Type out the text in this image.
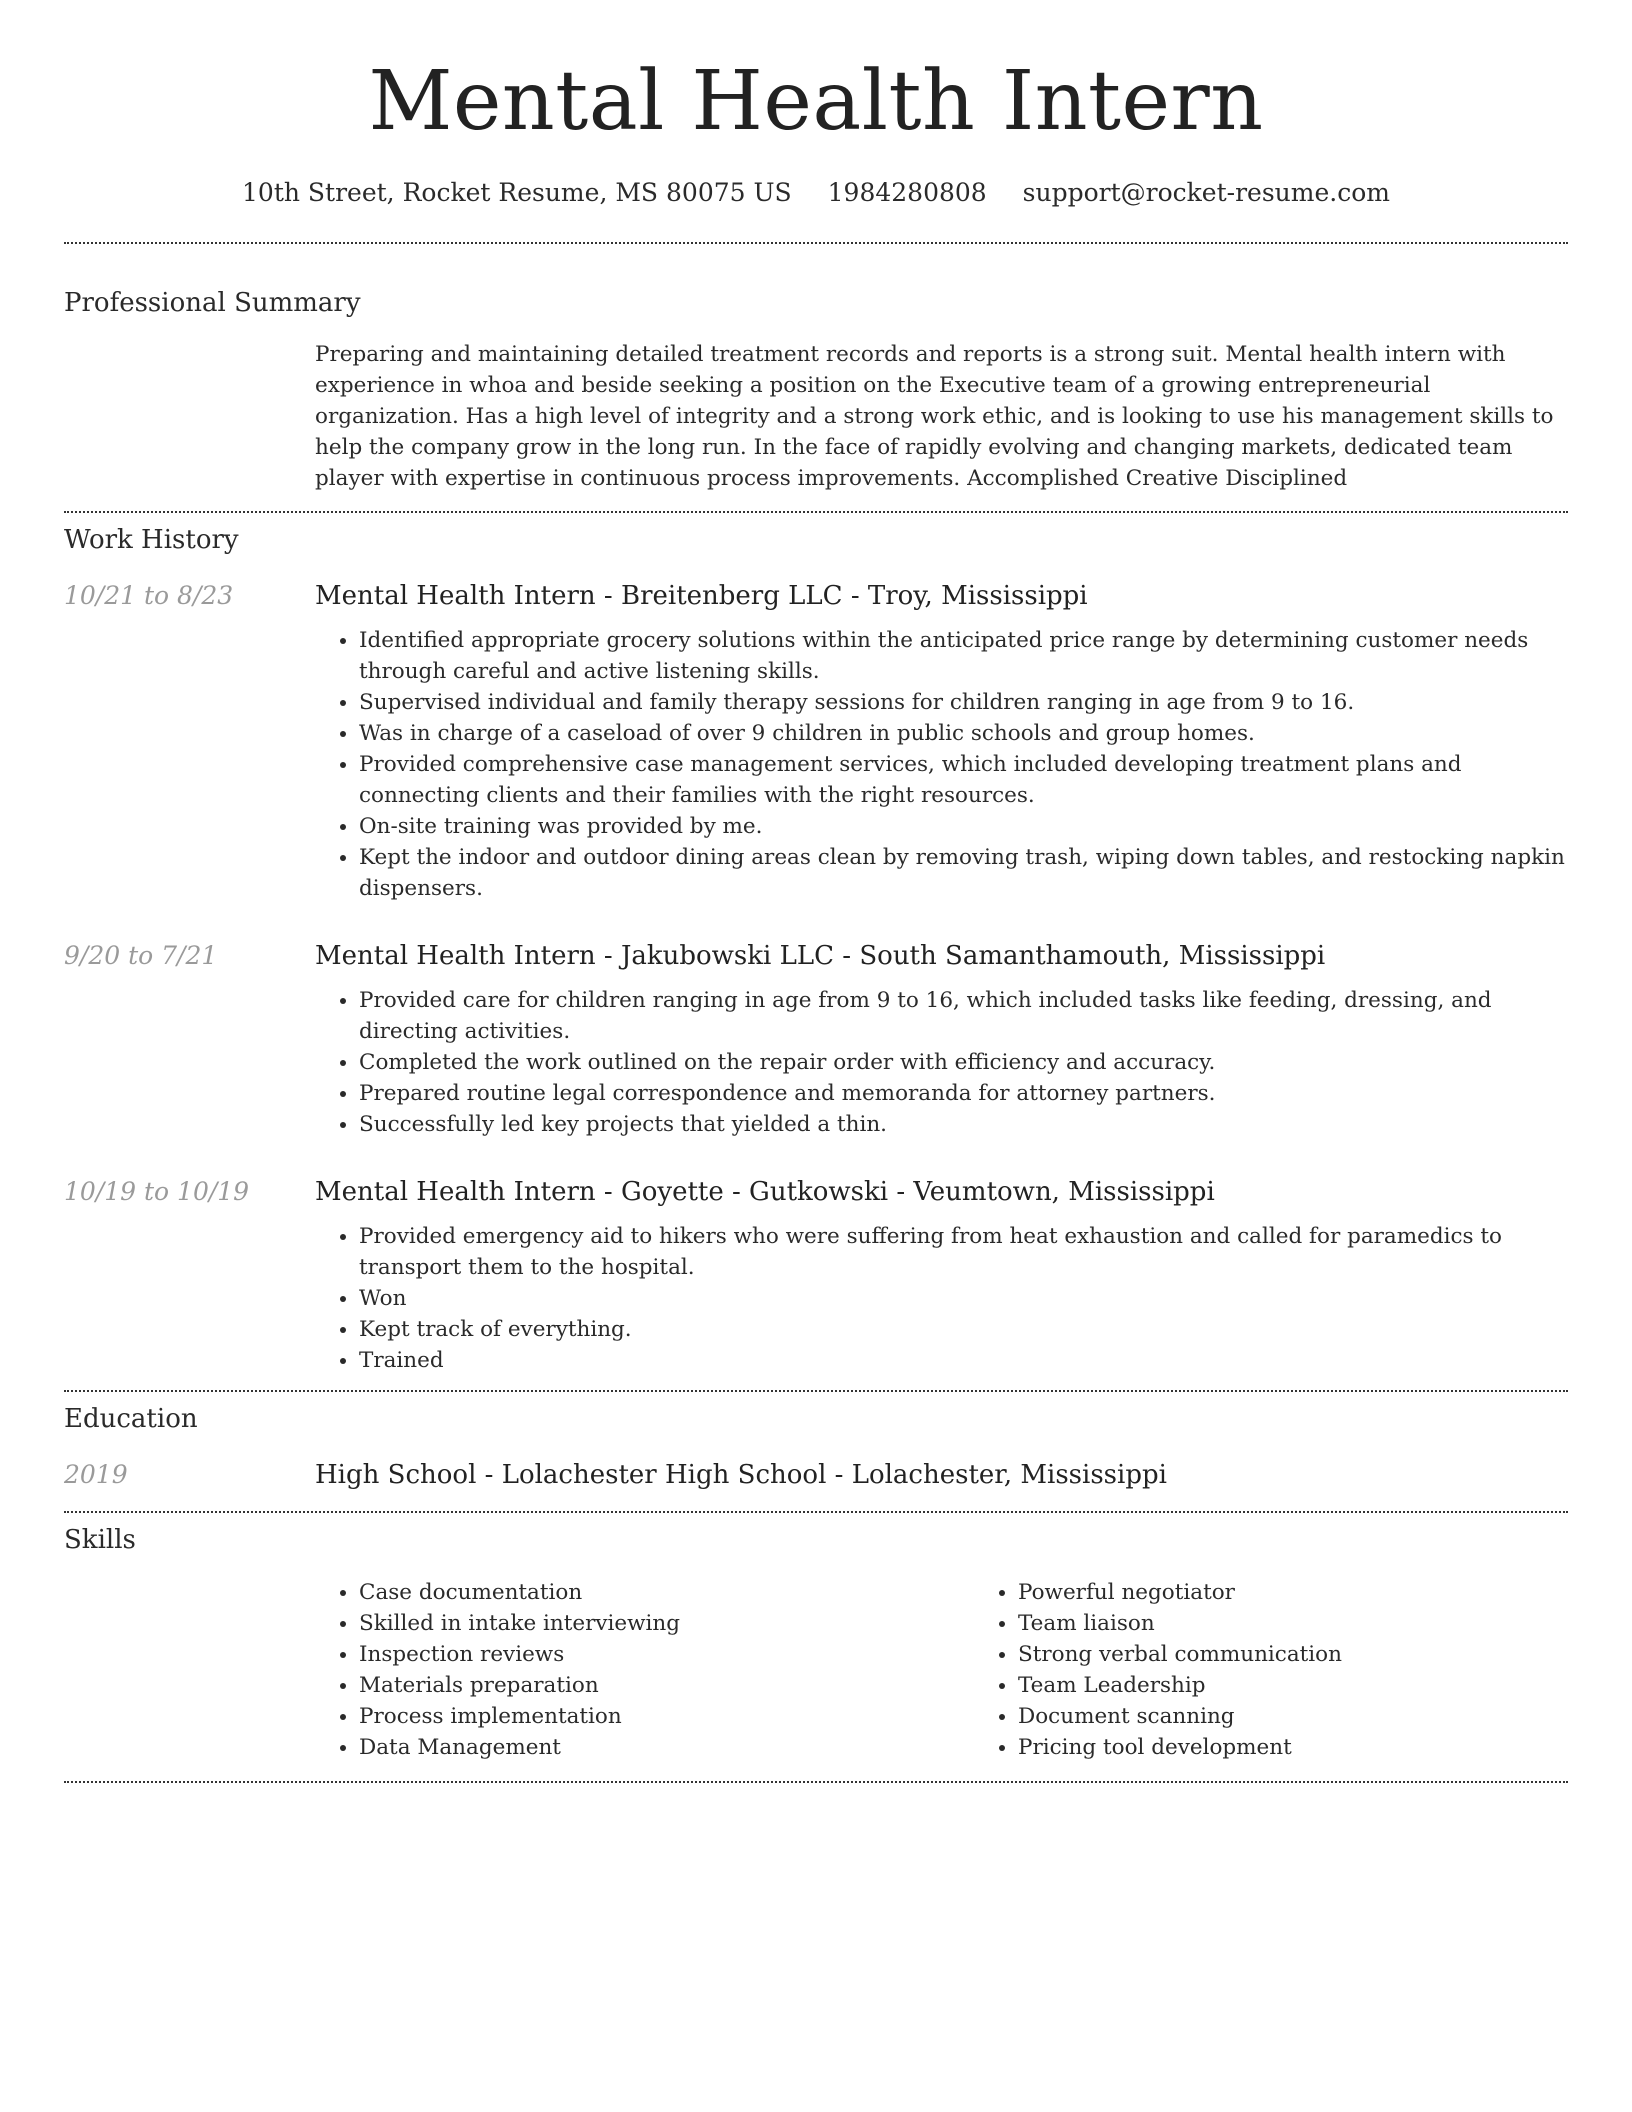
Mental Health Intern
10th Street, Rocket Resume, MS 80075 US 1984280808 support@rocket-resume.com
Professional Summary

Preparing and maintaining detailed treatment records and reports is a strong suit. Mental health intern with experience in whoa and beside seeking a position on the Executive team of a growing entrepreneurial organization. Has a high level of integrity and a strong work ethic, and is looking to use his management skills to help the company grow in the long run. In the face of rapidly evolving and changing markets, dedicated team player with expertise in continuous process improvements. Accomplished Creative Disciplined

Work History
10/21 to 8/23	Mental Health Intern - Breitenberg LLC - Troy, Mississippi
• Identified appropriate grocery solutions within the anticipated price range by determining customer needs through careful and active listening skills.
• Supervised individual and family therapy sessions for children ranging in age from 9 to 16.
• Was in charge of a caseload of over 9 children in public schools and group homes.
• Provided comprehensive case management services, which included developing treatment plans and connecting clients and their families with the right resources.
• On-site training was provided by me.
• Kept the indoor and outdoor dining areas clean by removing trash, wiping down tables, and restocking napkin dispensers.
9/20 to 7/21	Mental Health Intern - Jakubowski LLC - South Samanthamouth, Mississippi
• Provided care for children ranging in age from 9 to 16, which included tasks like feeding, dressing, and directing activities.
• Completed the work outlined on the repair order with efficiency and accuracy.
• Prepared routine legal correspondence and memoranda for attorney partners.
• Successfully led key projects that yielded a thin.
10/19 to 10/19	Mental Health Intern - Goyette - Gutkowski - Veumtown, Mississippi
• Provided emergency aid to hikers who were suffering from heat exhaustion and called for paramedics to transport them to the hospital.
• Won
• Kept track of everything.
• Trained
Education
2019	High School - Lolachester High School - Lolachester, Mississippi
Skills
• Case documentation
• Skilled in intake interviewing
• Inspection reviews
• Materials preparation
• Process implementation
• Data Management
• Powerful negotiator
• Team liaison
• Strong verbal communication
• Team Leadership
• Document scanning
• Pricing tool development
